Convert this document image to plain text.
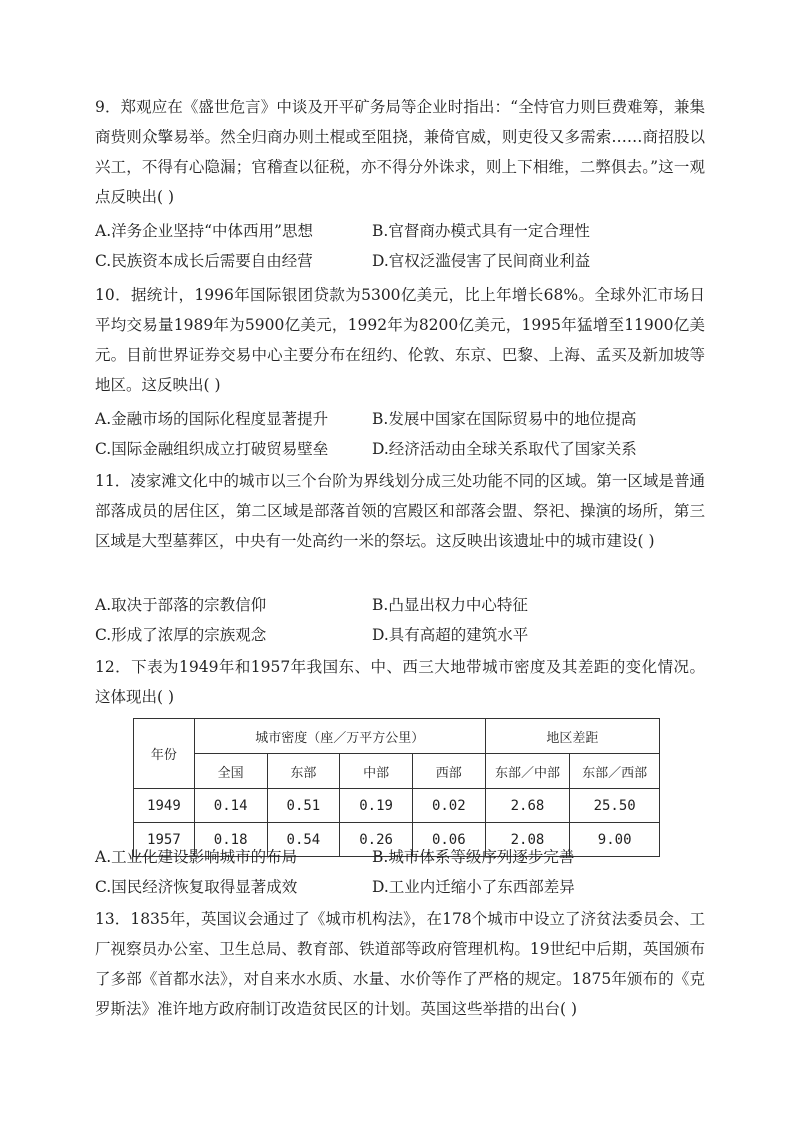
9．郑观应在《盛世危言》中谈及开平矿务局等企业时指出：“全恃官力则巨费难筹，兼集商赀则众擎易举。然全归商办则土棍或至阻挠，兼倚官威，则吏役又多需索……商招股以兴工，不得有心隐漏；官稽查以征税，亦不得分外诛求，则上下相维，二弊俱去。”这一观点反映出( )

A.洋务企业坚持“中体西用”思想	B.官督商办模式具有一定合理性
C.民族资本成长后需要自由经营	D.官权泛滥侵害了民间商业利益

10．据统计，1996年国际银团贷款为5300亿美元，比上年增长68%。全球外汇市场日平均交易量1989年为5900亿美元，1992年为8200亿美元，1995年猛增至11900亿美元。目前世界证券交易中心主要分布在纽约、伦敦、东京、巴黎、上海、孟买及新加坡等地区。这反映出( )

A.金融市场的国际化程度显著提升	B.发展中国家在国际贸易中的地位提高
C.国际金融组织成立打破贸易壁垒	D.经济活动由全球关系取代了国家关系

11．凌家滩文化中的城市以三个台阶为界线划分成三处功能不同的区域。第一区域是普通部落成员的居住区，第二区域是部落首领的宫殿区和部落会盟、祭祀、操演的场所，第三区域是大型墓葬区，中央有一处高约一米的祭坛。这反映出该遗址中的城市建设( )

A.取决于部落的宗教信仰	B.凸显出权力中心特征
C.形成了浓厚的宗族观念	D.具有高超的建筑水平

12．下表为1949年和1957年我国东、中、西三大地带城市密度及其差距的变化情况。这体现出( )

年份	城市密度（座／万平方公里）				地区差距	
	全国	东部	中部	西部	东部／中部	东部／西部
1949	0.14	0.51	0.19	0.02	2.68	25.50
1957	0.18	0.54	0.26	0.06	2.08	9.00
A.工业化建设影响城市的布局	B.城市体系等级序列逐步完善
C.国民经济恢复取得显著成效	D.工业内迁缩小了东西部差异

13．1835年，英国议会通过了《城市机构法》，在178个城市中设立了济贫法委员会、工厂视察员办公室、卫生总局、教育部、铁道部等政府管理机构。19世纪中后期，英国颁布了多部《首都水法》，对自来水水质、水量、水价等作了严格的规定。1875年颁布的《克罗斯法》准许地方政府制订改造贫民区的计划。英国这些举措的出台( )
